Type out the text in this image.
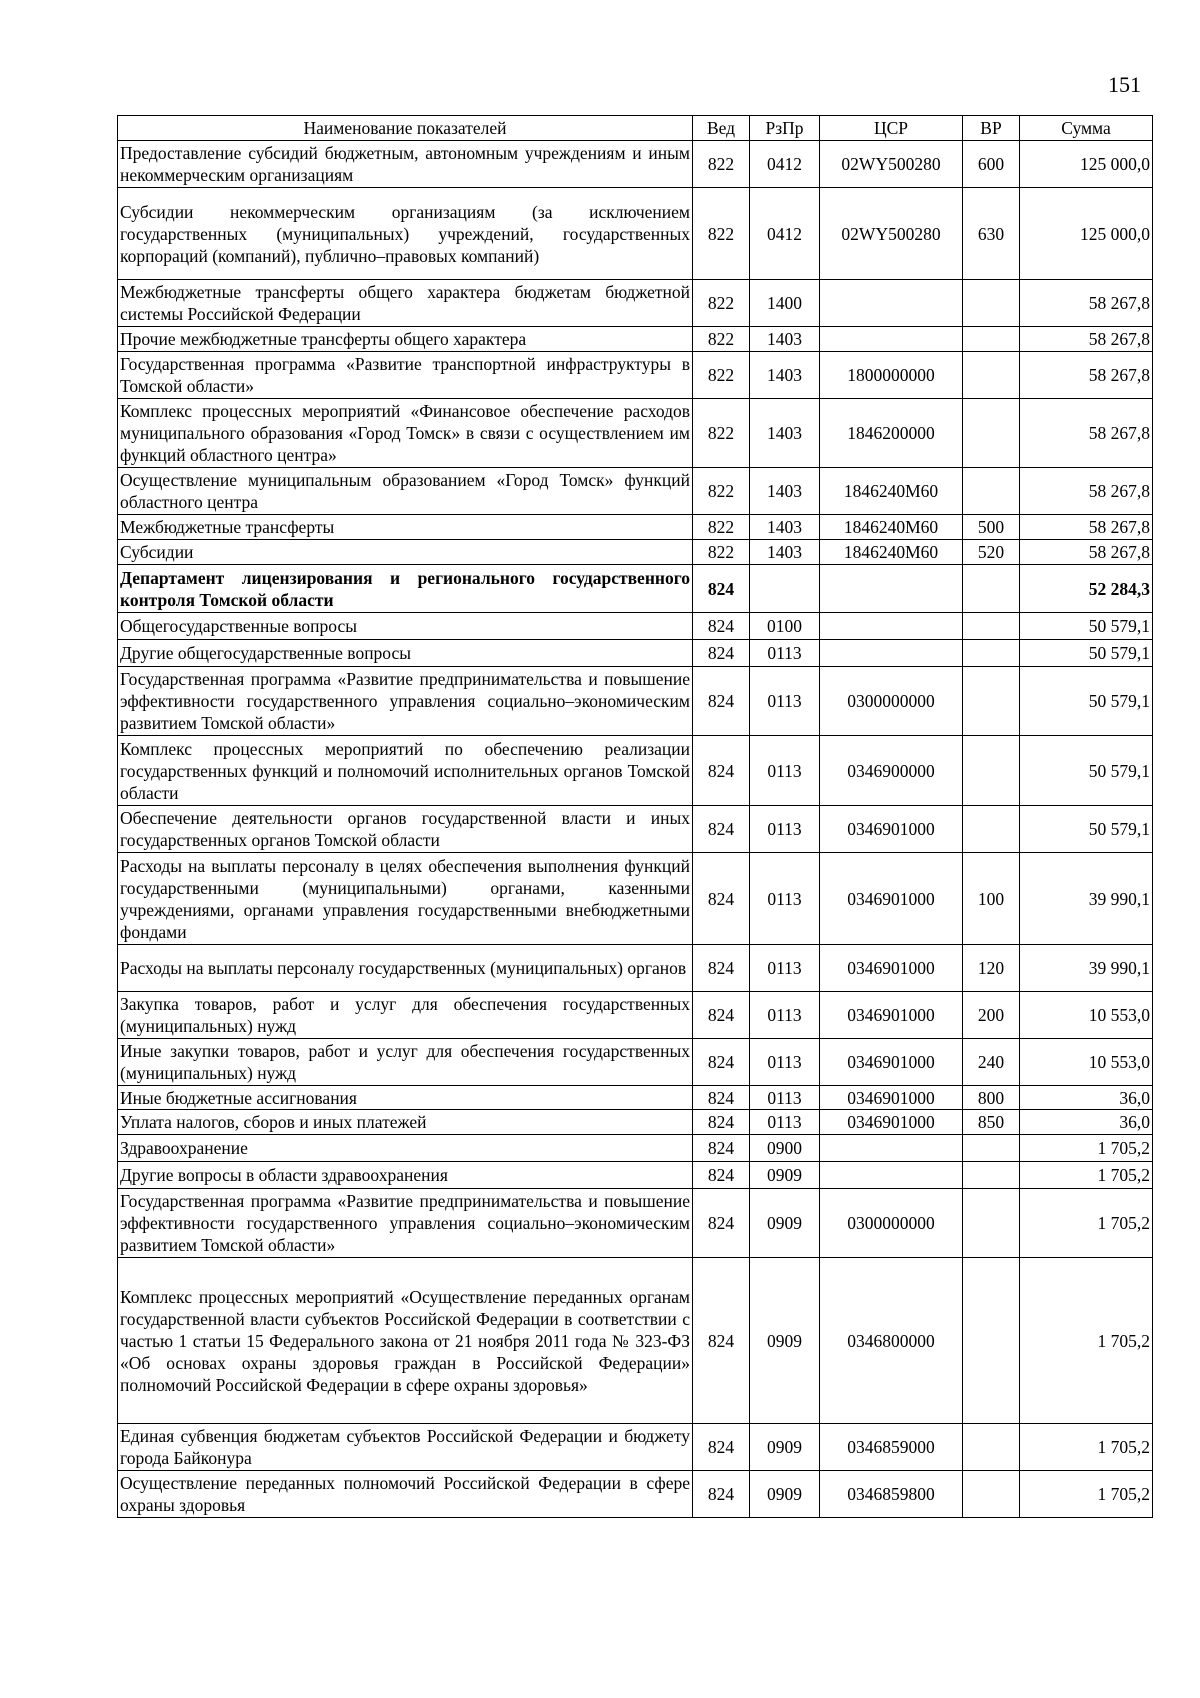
151
Наименование показателей	Вед	РзПр	ЦСР	ВР	Сумма
Предоставление субсидий бюджетным, автономным учреждениям и иным некоммерческим организациям	822	0412	02WY500280	600	125 000,0
Субсидии некоммерческим организациям (за исключением государственных (муниципальных) учреждений, государственных корпораций (компаний), публично–правовых компаний)	822	0412	02WY500280	630	125 000,0
Межбюджетные трансферты общего характера бюджетам бюджетной системы Российской Федерации	822	1400			58 267,8
Прочие межбюджетные трансферты общего характера	822	1403			58 267,8
Государственная программа «Развитие транспортной инфраструктуры в Томской области»	822	1403	1800000000		58 267,8
Комплекс процессных мероприятий «Финансовое обеспечение расходов муниципального образования «Город Томск» в связи с осуществлением им функций областного центра»	822	1403	1846200000		58 267,8
Осуществление муниципальным образованием «Город Томск» функций областного центра	822	1403	1846240М60		58 267,8
Межбюджетные трансферты	822	1403	1846240М60	500	58 267,8
Субсидии	822	1403	1846240М60	520	58 267,8
Департамент лицензирования и регионального государственного контроля Томской области	824				52 284,3
Общегосударственные вопросы	824	0100			50 579,1
Другие общегосударственные вопросы	824	0113			50 579,1
Государственная программа «Развитие предпринимательства и повышение эффективности государственного управления социально–экономическим развитием Томской области»	824	0113	0300000000		50 579,1
Комплекс процессных мероприятий по обеспечению реализации государственных функций и полномочий исполнительных органов Томской области	824	0113	0346900000		50 579,1
Обеспечение деятельности органов государственной власти и иных государственных органов Томской области	824	0113	0346901000		50 579,1
Расходы на выплаты персоналу в целях обеспечения выполнения функций государственными (муниципальными) органами, казенными учреждениями, органами управления государственными внебюджетными фондами	824	0113	0346901000	100	39 990,1
Расходы на выплаты персоналу государственных (муниципальных) органов	824	0113	0346901000	120	39 990,1
Закупка товаров, работ и услуг для обеспечения государственных (муниципальных) нужд	824	0113	0346901000	200	10 553,0
Иные закупки товаров, работ и услуг для обеспечения государственных (муниципальных) нужд	824	0113	0346901000	240	10 553,0
Иные бюджетные ассигнования	824	0113	0346901000	800	36,0
Уплата налогов, сборов и иных платежей	824	0113	0346901000	850	36,0
Здравоохранение	824	0900			1 705,2
Другие вопросы в области здравоохранения	824	0909			1 705,2
Государственная программа «Развитие предпринимательства и повышение эффективности государственного управления социально–экономическим развитием Томской области»	824	0909	0300000000		1 705,2
Комплекс процессных мероприятий «Осуществление переданных органам государственной власти субъектов Российской Федерации в соответствии с частью 1 статьи 15 Федерального закона от 21 ноября 2011 года № 323-ФЗ «Об основах охраны здоровья граждан в Российской Федерации» полномочий Российской Федерации в сфере охраны здоровья»	824	0909	0346800000		1 705,2
Единая субвенция бюджетам субъектов Российской Федерации и бюджету города Байконура	824	0909	0346859000		1 705,2
Осуществление переданных полномочий Российской Федерации в сфере охраны здоровья	824	0909	0346859800		1 705,2
